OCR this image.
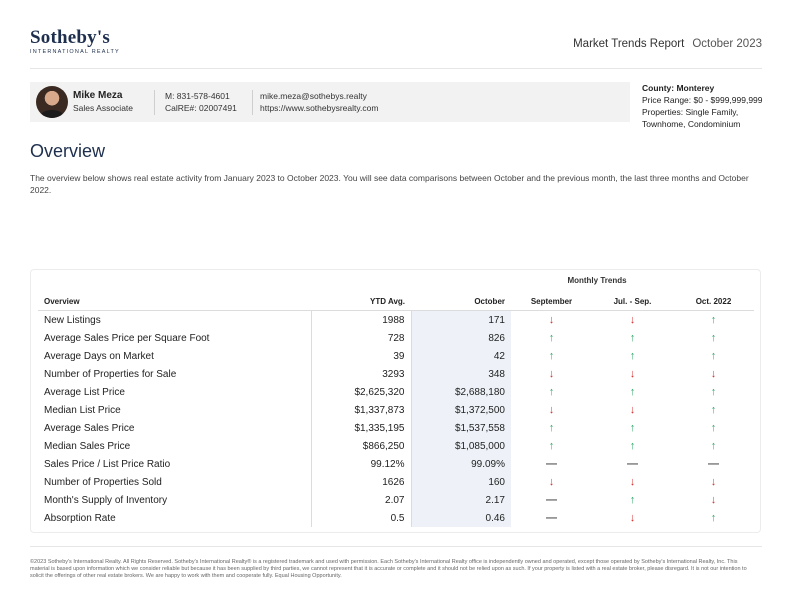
Sotheby's
INTERNATIONAL REALTY
Market Trends Report October 2023
Mike Meza
Sales Associate
M: 831-578-4601
CalRE#: 02007491
mike.meza@sothebys.realty
https://www.sothebysrealty.com
County: Monterey
Price Range: $0 - $999,999,999
Properties: Single Family, Townhome, Condominium
Overview
The overview below shows real estate activity from January 2023 to October 2023. You will see data comparisons between October and the previous month, the last three months and October 2022.
Monthly Trends
Overview	YTD Avg.	October	September	Jul. - Sep.	Oct. 2022
New Listings	1988	171	↓	↓	↑
Average Sales Price per Square Foot	728	826	↑	↑	↑
Average Days on Market	39	42	↑	↑	↑
Number of Properties for Sale	3293	348	↓	↓	↓
Average List Price	$2,625,320	$2,688,180	↑	↑	↑
Median List Price	$1,337,873	$1,372,500	↓	↓	↑
Average Sales Price	$1,335,195	$1,537,558	↑	↑	↑
Median Sales Price	$866,250	$1,085,000	↑	↑	↑
Sales Price / List Price Ratio	99.12%	99.09%	—	—	—
Number of Properties Sold	1626	160	↓	↓	↓
Month's Supply of Inventory	2.07	2.17	—	↑	↓
Absorption Rate	0.5	0.46	—	↓	↑
©2023 Sotheby's International Realty. All Rights Reserved. Sotheby's International Realty® is a registered trademark and used with permission. Each Sotheby's International Realty office is independently owned and operated, except those operated by Sotheby's International Realty, Inc. This material is based upon information which we consider reliable but because it has been supplied by third parties, we cannot represent that it is accurate or complete and it should not be relied upon as such. If your property is listed with a real estate broker, please disregard. It is not our intention to solicit the offerings of other real estate brokers. We are happy to work with them and cooperate fully. Equal Housing Opportunity.
